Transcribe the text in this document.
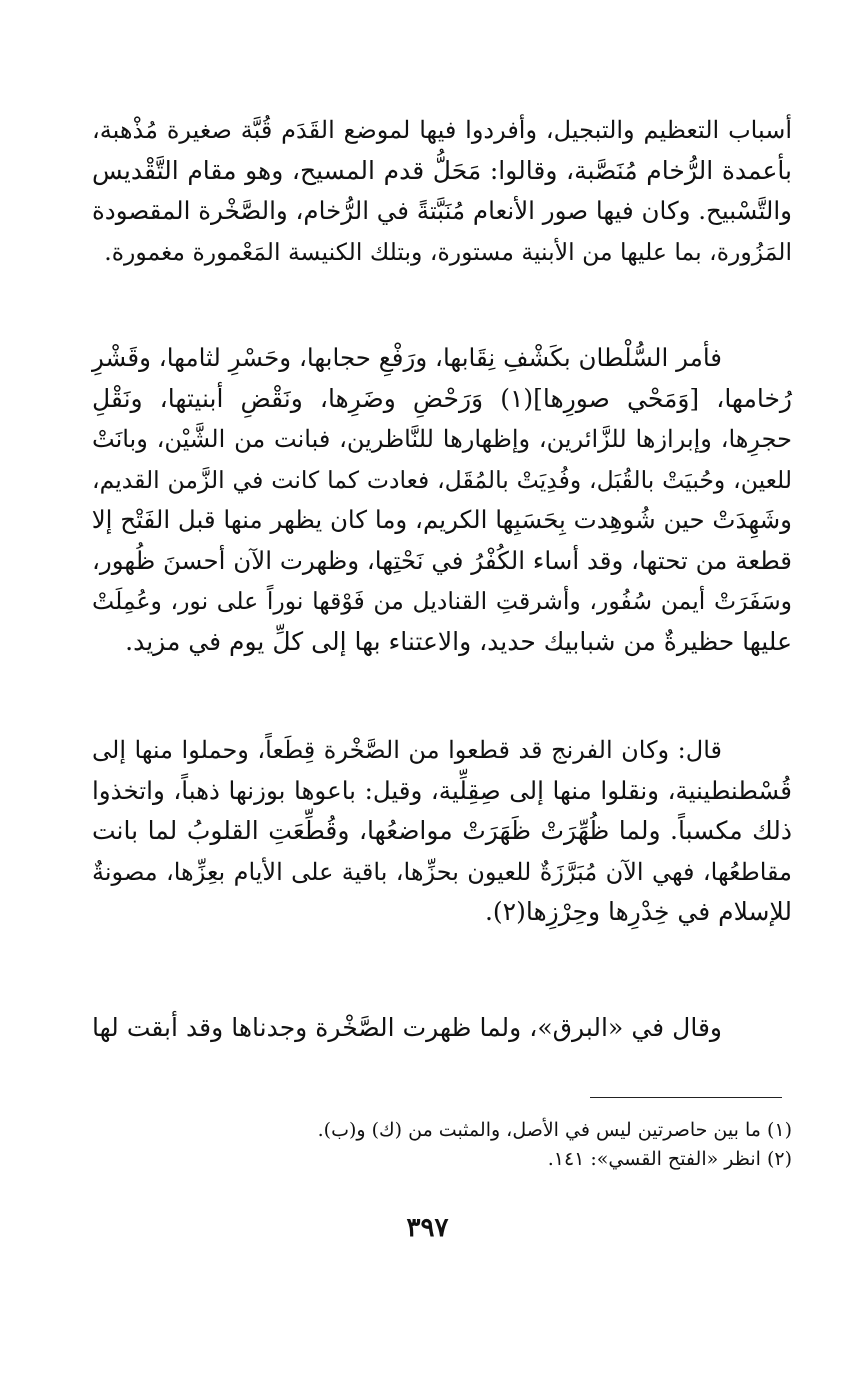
أسباب التعظيم والتبجيل، وأفردوا فيها لموضع القَدَم قُبَّة صغيرة مُذْهبة،
بأعمدة الرُّخام مُنَصَّبة، وقالوا: مَحَلُّ قدم المسيح، وهو مقام التَّقْديس
والتَّسْبيح. وكان فيها صور الأنعام مُنَبَّتةً في الرُّخام، والصَّخْرة المقصودة
المَزُورة، بما عليها من الأبنية مستورة، وبتلك الكنيسة المَعْمورة مغمورة.
فأمر السُّلْطان بكَشْفِ نِقَابها، ورَفْعِ حجابها، وحَسْرِ لثامها، وقَشْرِ
رُخامها، [وَمَحْي صورِها](١) وَرَحْضِ وضَرِها، ونَقْضِ أبنيتها، ونَقْلِ
حجرِها، وإبرازها للزَّائرين، وإظهارها للنَّاظرين، فبانت من الشَّيْن، وبانَتْ
للعين، وحُبيَتْ بالقُبَل، وفُدِيَتْ بالمُقَل، فعادت كما كانت في الزَّمن القديم،
وشَهِدَتْ حين شُوهِدت بِحَسَبِها الكريم، وما كان يظهر منها قبل الفَتْح إلا
قطعة من تحتها، وقد أساء الكُفْرُ في نَحْتِها، وظهرت الآن أحسنَ ظُهور،
وسَفَرَتْ أيمن سُفُور، وأشرقتِ القناديل من فَوْقها نوراً على نور، وعُمِلَتْ
عليها حظيرةٌ من شبابيك حديد، والاعتناء بها إلى كلِّ يوم في مزيد.
قال: وكان الفرنج قد قطعوا من الصَّخْرة قِطَعاً، وحملوا منها إلى
قُسْطنطينية، ونقلوا منها إلى صِقِلِّية، وقيل: باعوها بوزنها ذهباً، واتخذوا
ذلك مكسباً. ولما ظُهِّرَتْ ظَهَرَتْ مواضعُها، وقُطِّعَتِ القلوبُ لما بانت
مقاطعُها، فهي الآن مُبَرَّزَةٌ للعيون بحزِّها، باقية على الأيام بعِزِّها، مصونةٌ
للإسلام في خِدْرِها وحِرْزِها(٢).
وقال في «البرق»، ولما ظهرت الصَّخْرة وجدناها وقد أبقت لها
(١) ما بين حاصرتين ليس في الأصل، والمثبت من (ك) و(ب).
(٢) انظر «الفتح القسي»: ١٤١.
٣٩٧
